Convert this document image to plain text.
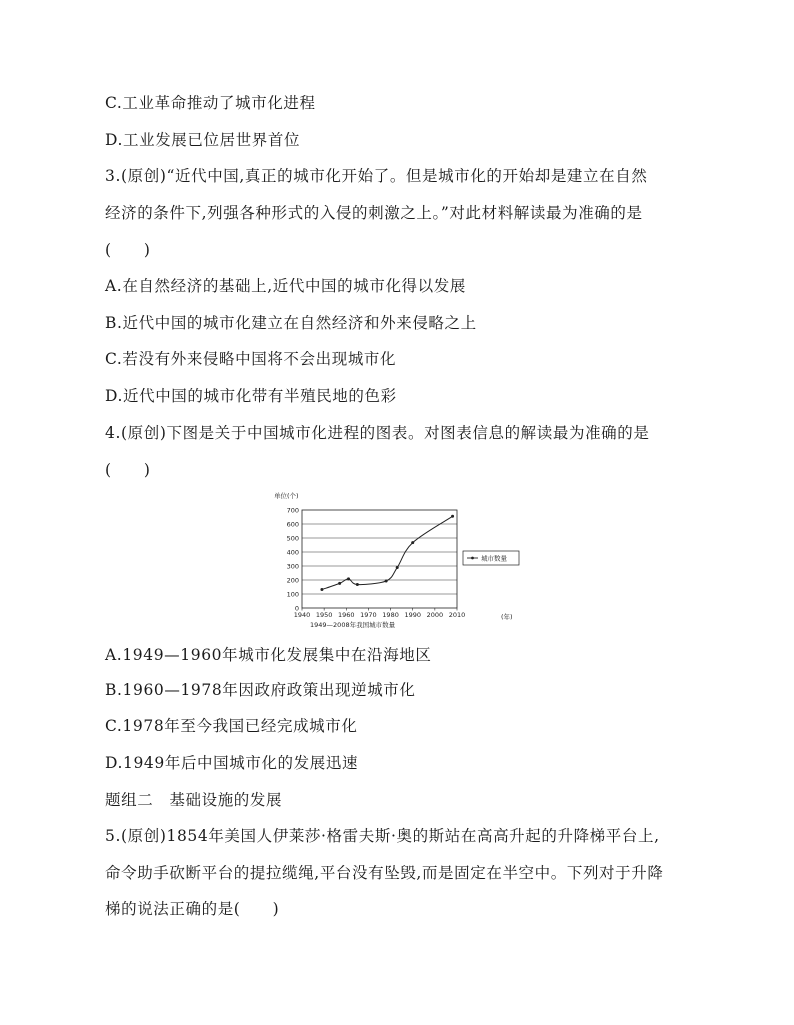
C.工业革命推动了城市化进程
D.工业发展已位居世界首位
3.(原创)“近代中国,真正的城市化开始了。但是城市化的开始却是建立在自然
经济的条件下,列强各种形式的入侵的刺激之上。”对此材料解读最为准确的是
(　　)
A.在自然经济的基础上,近代中国的城市化得以发展
B.近代中国的城市化建立在自然经济和外来侵略之上
C.若没有外来侵略中国将不会出现城市化
D.近代中国的城市化带有半殖民地的色彩
4.(原创)下图是关于中国城市化进程的图表。对图表信息的解读最为准确的是
(　　)
单位(个)
0
100
200
300
400
500
600
700
1940 1950 1960 1970 1980 1990 2000 2010
城市数量
(年)
1949—2008年我国城市数量
A.1949—1960年城市化发展集中在沿海地区
B.1960—1978年因政府政策出现逆城市化
C.1978年至今我国已经完成城市化
D.1949年后中国城市化的发展迅速
题组二　基础设施的发展
5.(原创)1854年美国人伊莱莎·格雷夫斯·奥的斯站在高高升起的升降梯平台上,
命令助手砍断平台的提拉缆绳,平台没有坠毁,而是固定在半空中。下列对于升降
梯的说法正确的是(　　)
